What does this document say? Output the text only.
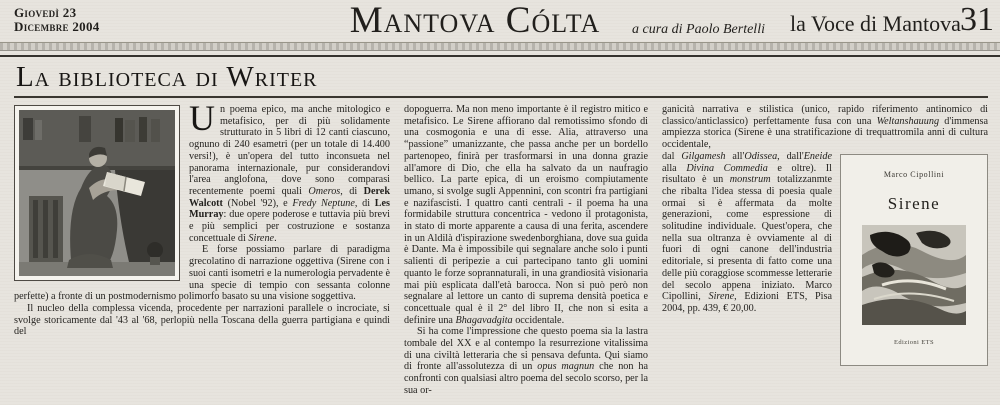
Giovedì 23
Dicembre 2004	Mantova Cólta	a cura di Paolo Bertelli la Voce di Mantova 31
La biblioteca di Writer

Un poema epico, ma anche mitologico e metafisico, per di più solidamente strutturato in 5 libri di 12 canti ciascuno, ognuno di 240 esametri (per un totale di 14.400 versi!), è un'opera del tutto inconsueta nel panorama internazionale, pur considerandovi l'area anglofona, dove sono comparasi recentemente poemi quali Omeros, di Derek Walcott (Nobel '92), e Fredy Neptune, di Les Murray: due opere poderose e tuttavia più brevi e più semplici per costruzione e sostanza concettuale di Sirene.

E forse possiamo parlare di paradigma grecolatino di narrazione oggettiva (Sirene con i suoi canti isometri e la numerologia pervadente è una specie di tempio con sessanta colonne perfette) a fronte di un postmodernismo polimorfo basato su una visione soggettiva.

Il nucleo della complessa vicenda, procedente per narrazioni parallele o incrociate, si svolge storicamente dal '43 al '68, perlopiù nella Toscana della guerra partigiana e quindi del

dopoguerra. Ma non meno importante è il registro mitico e metafisico. Le Sirene affiorano dal remotissimo sfondo di una cosmogonia e una di esse. Alia, attraverso una “passione” umanizzante, che passa anche per un bordello partenopeo, finirà per trasformarsi in una donna grazie all'amore di Dio, che ella ha salvato da un naufragio bellico. La parte epica, di un eroismo compiutamente umano, si svolge sugli Appennini, con scontri fra partigiani e nazifascisti. I quattro canti centrali - il poema ha una formidabile struttura concentrica - vedono il protagonista, in stato di morte apparente a causa di una ferita, ascendere in un Aldilà d'ispirazione swedenborghiana, dove sua guida è Dante. Ma è impossibile qui segnalare anche solo i punti salienti di peripezie a cui partecipano tanto gli uomini quanto le forze soprannaturali, in una grandiosità visionaria mai più esplicata dall'età barocca. Non si può però non segnalare al lettore un canto di suprema densità poetica e concettuale qual è il 2° del libro II, che non si esita a definire una Bhagavadgita occidentale.

Si ha come l'impressione che questo poema sia la lastra tombale del XX e al contempo la resurrezione vitalissima di una civiltà letteraria che si pensava defunta. Qui siamo di fronte all'assolutezza di un opus magnun che non ha confronti con qualsiasi altro poema del secolo scorso, per la sua or-

ganicità narrativa e stilistica (unico, rapido riferimento antinomico di classico/anticlassico) perfettamente fusa con una Weltanshauung d'immensa ampiezza storica (Sirene è una stratificazione di trequattromila anni di cultura occidentale,

Marco Cipollini
Sirene
Edizioni ETS

dal Gilgamesh all'Odissea, dall'Eneide alla Divina Commedia e oltre). Il risultato è un monstrum totalizzanmte che ribalta l'idea stessa di poesia quale ormai si è affermata da molte generazioni, come espressione di solitudine individuale. Quest'opera, che nella sua oltranza è ovviamente al di fuori di ogni canone dell'industria editoriale, si presenta di fatto come una delle più coraggiose scommesse letterarie del secolo appena iniziato. Marco Cipollini, Sirene, Edizioni ETS, Pisa 2004, pp. 439, € 20,00.
